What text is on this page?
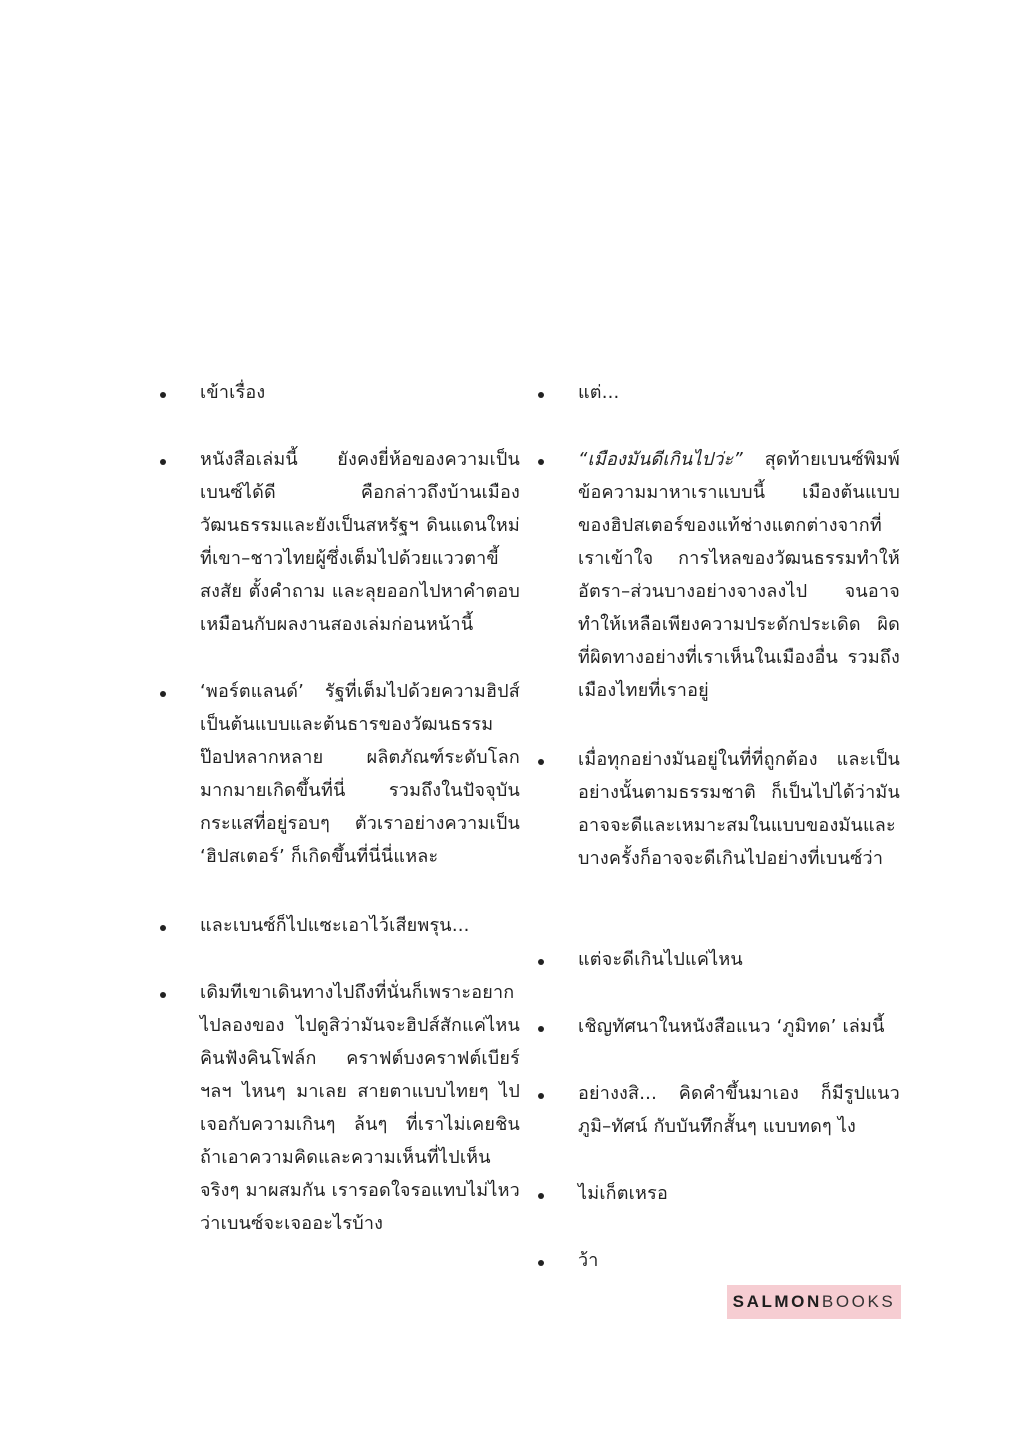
เข้าเรื่อง
หนังสือเล่มนี้ ยังคงยี่ห้อของความเป็นเบนซ์ได้ดี คือกล่าวถึงบ้านเมืองวัฒนธรรมและยังเป็นสหรัฐฯ ดินแดนใหม่ที่เขา–ชาวไทยผู้ซึ่งเต็มไปด้วยแววตาขี้สงสัย ตั้งคำถาม และลุยออกไปหาคำตอบ เหมือนกับผลงานสองเล่มก่อนหน้านี้
‘พอร์ตแลนด์’ รัฐที่เต็มไปด้วยความฮิปส์ เป็นต้นแบบและต้นธารของวัฒนธรรมป๊อปหลากหลาย ผลิตภัณฑ์ระดับโลกมากมายเกิดขึ้นที่นี่ รวมถึงในปัจจุบัน กระแสที่อยู่รอบๆ ตัวเราอย่างความเป็น ‘ฮิปสเตอร์’ ก็เกิดขึ้นที่นี่นี่แหละ
และเบนซ์ก็ไปแซะเอาไว้เสียพรุน...
เดิมทีเขาเดินทางไปถึงที่นั่นก็เพราะอยากไปลองของ ไปดูสิว่ามันจะฮิปส์สักแค่ไหน คินฟังคินโฟล์ก คราฟต์บงคราฟต์เบียร์ ฯลฯ ไหนๆ มาเลย สายตาแบบไทยๆ ไปเจอกับความเกินๆ ล้นๆ ที่เราไม่เคยชิน ถ้าเอาความคิดและความเห็นที่ไปเห็นจริงๆ มาผสมกัน เรารอดใจรอแทบไม่ไหวว่าเบนซ์จะเจออะไรบ้าง
แต่...
“เมืองมันดีเกินไปว่ะ” สุดท้ายเบนซ์พิมพ์ข้อความมาหาเราแบบนี้ เมืองต้นแบบของฮิปสเตอร์ของแท้ช่างแตกต่างจากที่เราเข้าใจ การไหลของวัฒนธรรมทำให้อัตรา–ส่วนบางอย่างจางลงไป จนอาจทำให้เหลือเพียงความประดักประเดิด ผิดที่ผิดทางอย่างที่เราเห็นในเมืองอื่น รวมถึงเมืองไทยที่เราอยู่
เมื่อทุกอย่างมันอยู่ในที่ที่ถูกต้อง และเป็นอย่างนั้นตามธรรมชาติ ก็เป็นไปได้ว่ามันอาจจะดีและเหมาะสมในแบบของมันและบางครั้งก็อาจจะดีเกินไปอย่างที่เบนซ์ว่า
แต่จะดีเกินไปแค่ไหน
เชิญทัศนาในหนังสือแนว ‘ภูมิทด’ เล่มนี้
อย่างงสิ... คิดคำขึ้นมาเอง ก็มีรูปแนวภูมิ–ทัศน์ กับบันทึกสั้นๆ แบบทดๆ ไง
ไม่เก็ตเหรอ
ว้า
SALMON BOOKS
